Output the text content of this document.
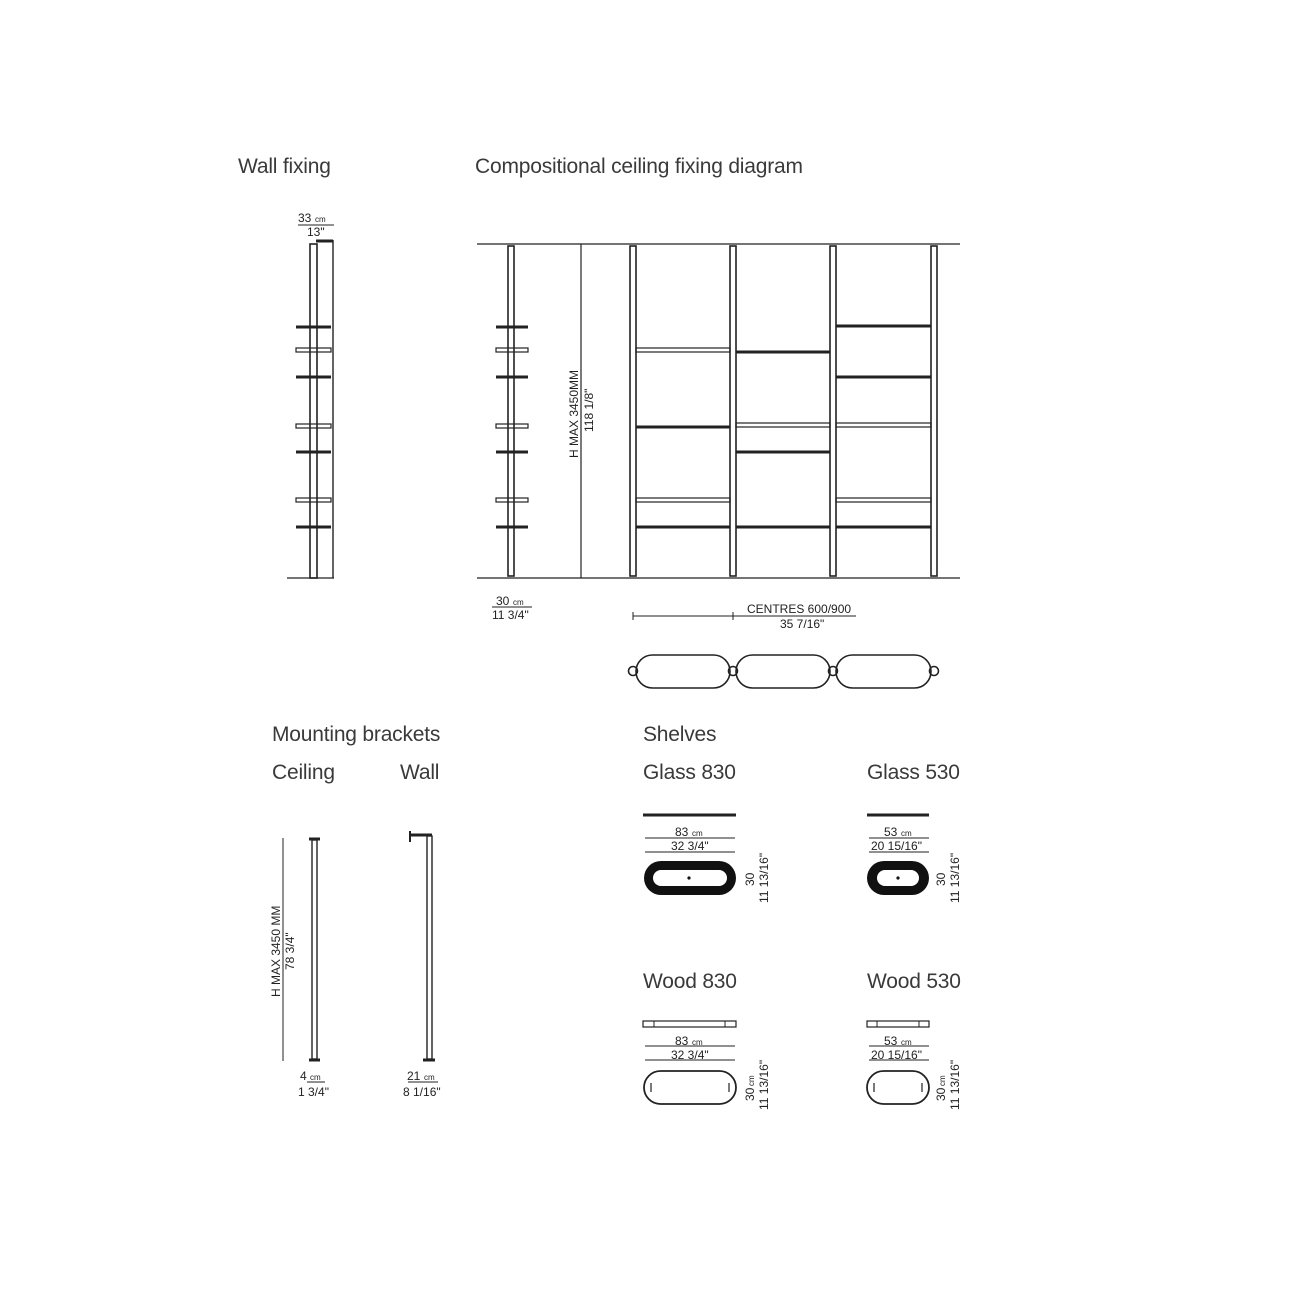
Wall fixing	Compositional ceiling fixing diagram
Mounting brackets
Ceiling	Wall
Shelves
Glass 830	Glass 530
Wood 830	Wood 530
33 cm
13"
H MAX 3450MM 118 1/8"
30 cm
11 3/4"	CENTRES 600/900
35 7/16"
H MAX 3450 MM 78 3/4"
4 cm
1 3/4"
21 cm
8 1/16"
83 cm
32 3/4"
30 11 13/16"
53 cm
20 15/16"
30 11 13/16"
83 cm
32 3/4"
30
cm 11 13/16"
53 cm
20 15/16"
30
cm 11 13/16"
